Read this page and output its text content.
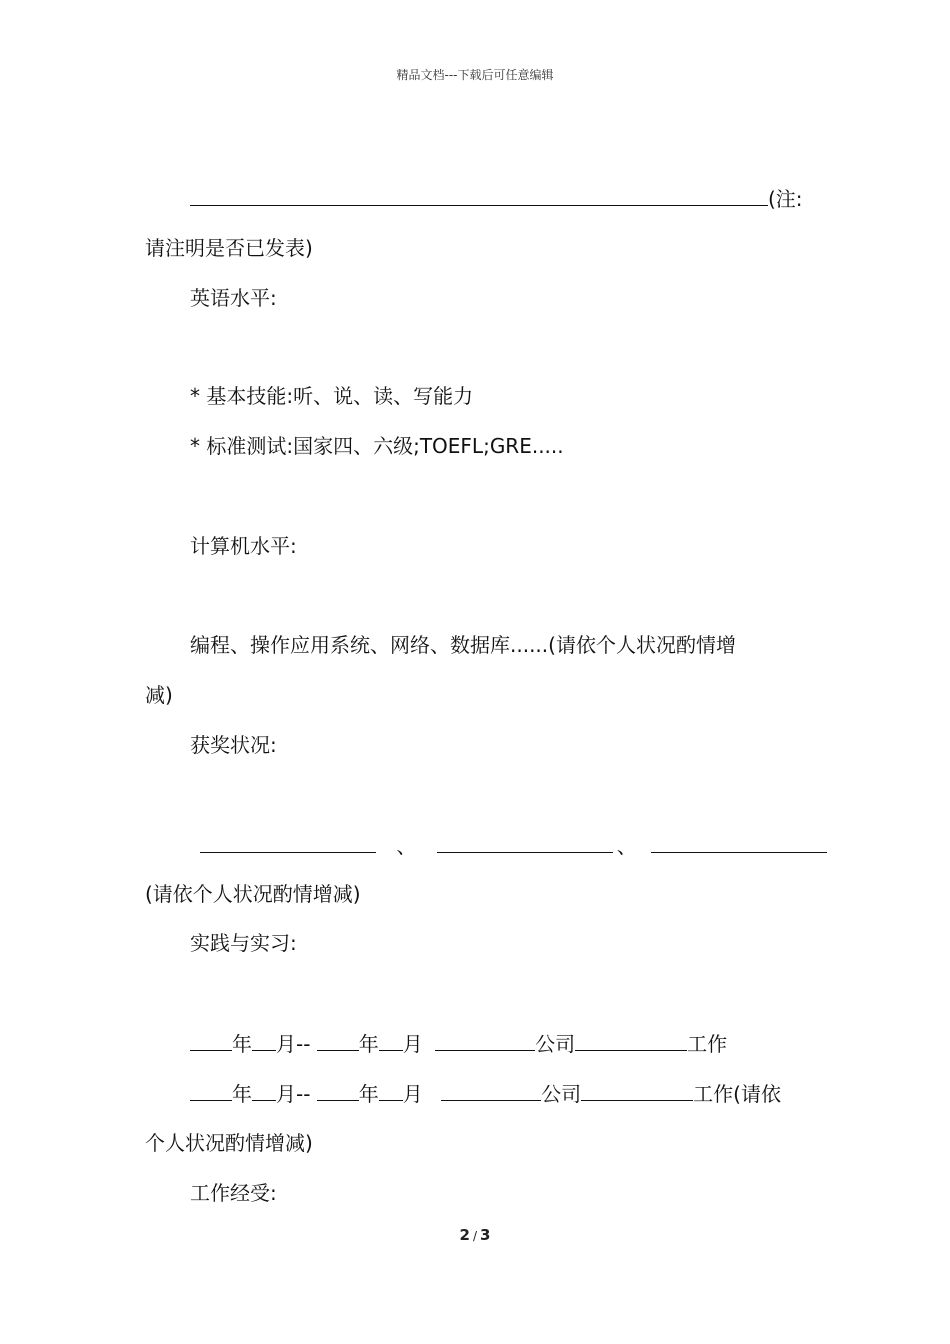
精品文档---下载后可任意编辑
(注:
请注明是否已发表)
英语水平:
* 基本技能:听、说、读、写能力
* 标准测试:国家四、六级;TOEFL;GRE.....
计算机水平:
编程、操作应用系统、网络、数据库......(请依个人状况酌情增
减)
获奖状况:
、	、
(请依个人状况酌情增减)
实践与实习:
年 月-- 年 月	公司	工作
年 月-- 年 月	公司	工作(请依
个人状况酌情增减)
工作经受:
2 / 3
